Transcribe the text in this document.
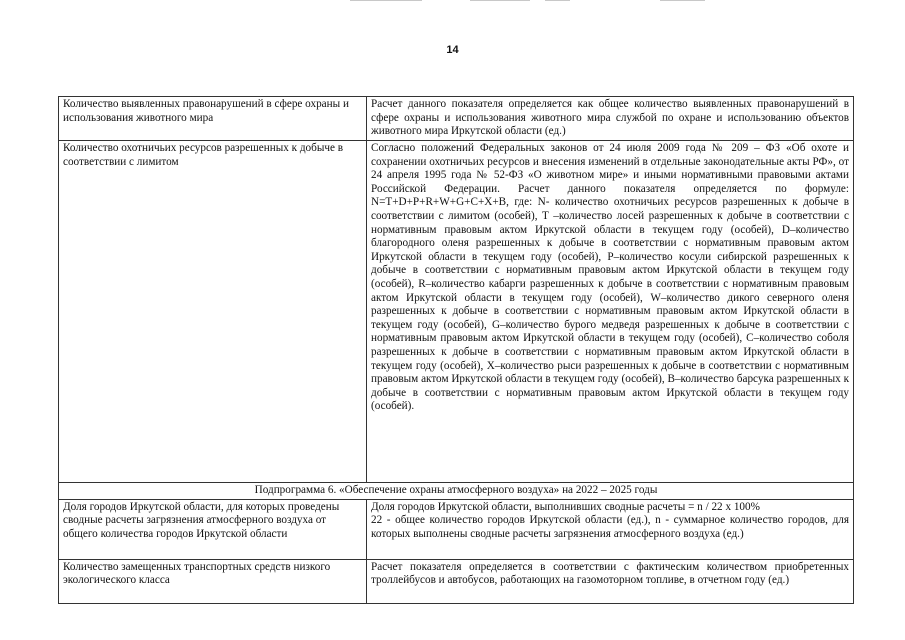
14
Количество выявленных правонарушений в сфере охраны и использования животного мира	Расчет данного показателя определяется как общее количество выявленных правонарушений в сфере охраны и использования животного мира службой по охране и использованию объектов животного мира Иркутской области (ед.)
Количество охотничьих ресурсов разрешенных к добыче в соответствии с лимитом	Согласно положений Федеральных законов от 24 июля 2009 года № 209 – ФЗ «Об охоте и сохранении охотничьих ресурсов и внесения изменений в отдельные законодательные акты РФ», от 24 апреля 1995 года № 52-ФЗ «О животном мире» и иными нормативными правовыми актами Российской Федерации. Расчет данного показателя определяется по формуле: N=T+D+P+R+W+G+C+X+B, где: N- количество охотничьих ресурсов разрешенных к добыче в соответствии с лимитом (особей), Т –количество лосей разрешенных к добыче в соответствии с нормативным правовым актом Иркутской области в текущем году (особей), D–количество благородного оленя разрешенных к добыче в соответствии с нормативным правовым актом Иркутской области в текущем году (особей), P–количество косули сибирской разрешенных к добыче в соответствии с нормативным правовым актом Иркутской области в текущем году (особей), R–количество кабарги разрешенных к добыче в соответствии с нормативным правовым актом Иркутской области в текущем году (особей), W–количество дикого северного оленя разрешенных к добыче в соответствии с нормативным правовым актом Иркутской области в текущем году (особей), G–количество бурого медведя разрешенных к добыче в соответствии с нормативным правовым актом Иркутской области в текущем году (особей), C–количество соболя разрешенных к добыче в соответствии с нормативным правовым актом Иркутской области в текущем году (особей), X–количество рыси разрешенных к добыче в соответствии с нормативным правовым актом Иркутской области в текущем году (особей), B–количество барсука разрешенных к добыче в соответствии с нормативным правовым актом Иркутской области в текущем году (особей).
Подпрограмма 6. «Обеспечение охраны атмосферного воздуха» на 2022 – 2025 годы	
Доля городов Иркутской области, для которых проведены сводные расчеты загрязнения атмосферного воздуха от общего количества городов Иркутской области	Доля городов Иркутской области, выполнивших сводные расчеты = n / 22 x 100%
22 - общее количество городов Иркутской области (ед.), n - суммарное количество городов, для которых выполнены сводные расчеты загрязнения атмосферного воздуха (ед.)

Количество замещенных транспортных средств низкого экологического класса	Расчет показателя определяется в соответствии с фактическим количеством приобретенных троллейбусов и автобусов, работающих на газомоторном топливе, в отчетном году (ед.)
